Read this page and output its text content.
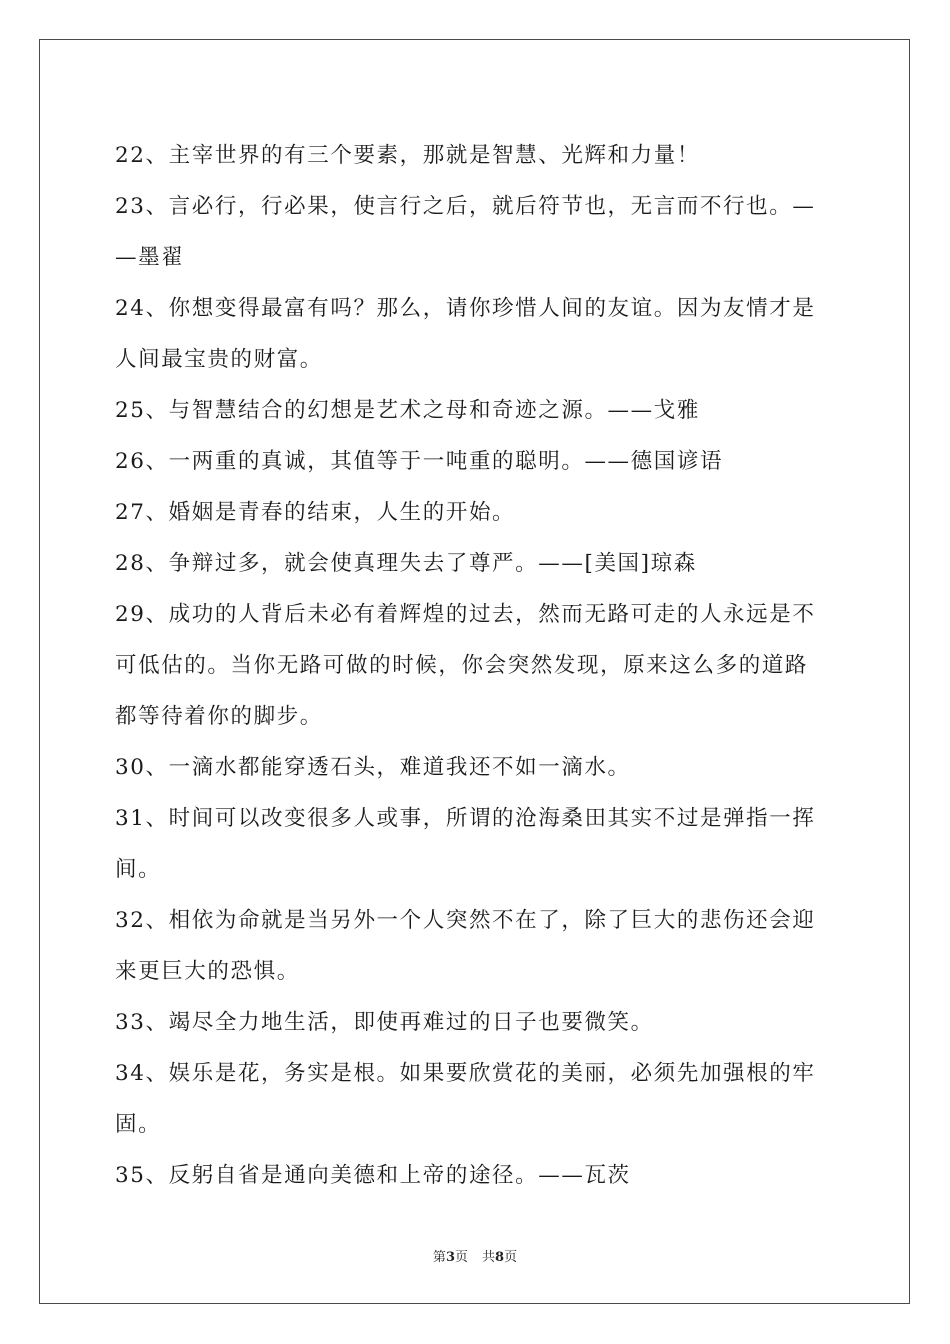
22、主宰世界的有三个要素，那就是智慧、光辉和力量！

23、言必行，行必果，使言行之后，就后符节也，无言而不行也。—
—墨翟

24、你想变得最富有吗？那么，请你珍惜人间的友谊。因为友情才是
人间最宝贵的财富。

25、与智慧结合的幻想是艺术之母和奇迹之源。——戈雅

26、一两重的真诚，其值等于一吨重的聪明。——德国谚语

27、婚姻是青春的结束，人生的开始。

28、争辩过多，就会使真理失去了尊严。——[美国]琼森

29、成功的人背后未必有着辉煌的过去，然而无路可走的人永远是不
可低估的。当你无路可做的时候，你会突然发现，原来这么多的道路
都等待着你的脚步。

30、一滴水都能穿透石头，难道我还不如一滴水。

31、时间可以改变很多人或事，所谓的沧海桑田其实不过是弹指一挥
间。

32、相依为命就是当另外一个人突然不在了，除了巨大的悲伤还会迎
来更巨大的恐惧。

33、竭尽全力地生活，即使再难过的日子也要微笑。

34、娱乐是花，务实是根。如果要欣赏花的美丽，必须先加强根的牢
固。

35、反躬自省是通向美德和上帝的途径。——瓦茨

第3页 共8页
